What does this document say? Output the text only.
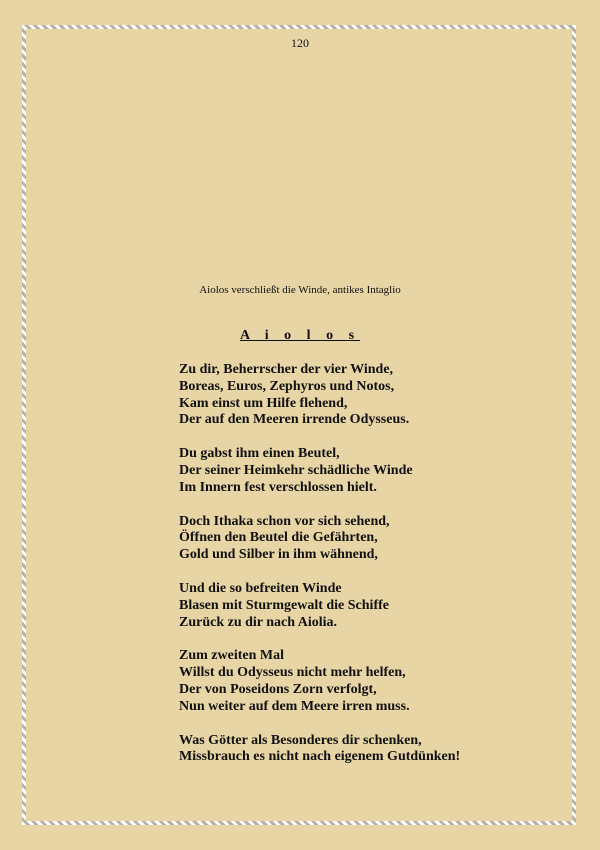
120
Aiolos verschließt die Winde, antikes Intaglio
A i o l o s
Zu dir, Beherrscher der vier Winde,
Boreas, Euros, Zephyros und Notos,
Kam einst um Hilfe flehend,
Der auf den Meeren irrende Odysseus.
Du gabst ihm einen Beutel,
Der seiner Heimkehr schädliche Winde
Im Innern fest verschlossen hielt.
Doch Ithaka schon vor sich sehend,
Öffnen den Beutel die Gefährten,
Gold und Silber in ihm wähnend,
Und die so befreiten Winde
Blasen mit Sturmgewalt die Schiffe
Zurück zu dir nach Aiolia.
Zum zweiten Mal
Willst du Odysseus nicht mehr helfen,
Der von Poseidons Zorn verfolgt,
Nun weiter auf dem Meere irren muss.
Was Götter als Besonderes dir schenken,
Missbrauch es nicht nach eigenem Gutdünken!
